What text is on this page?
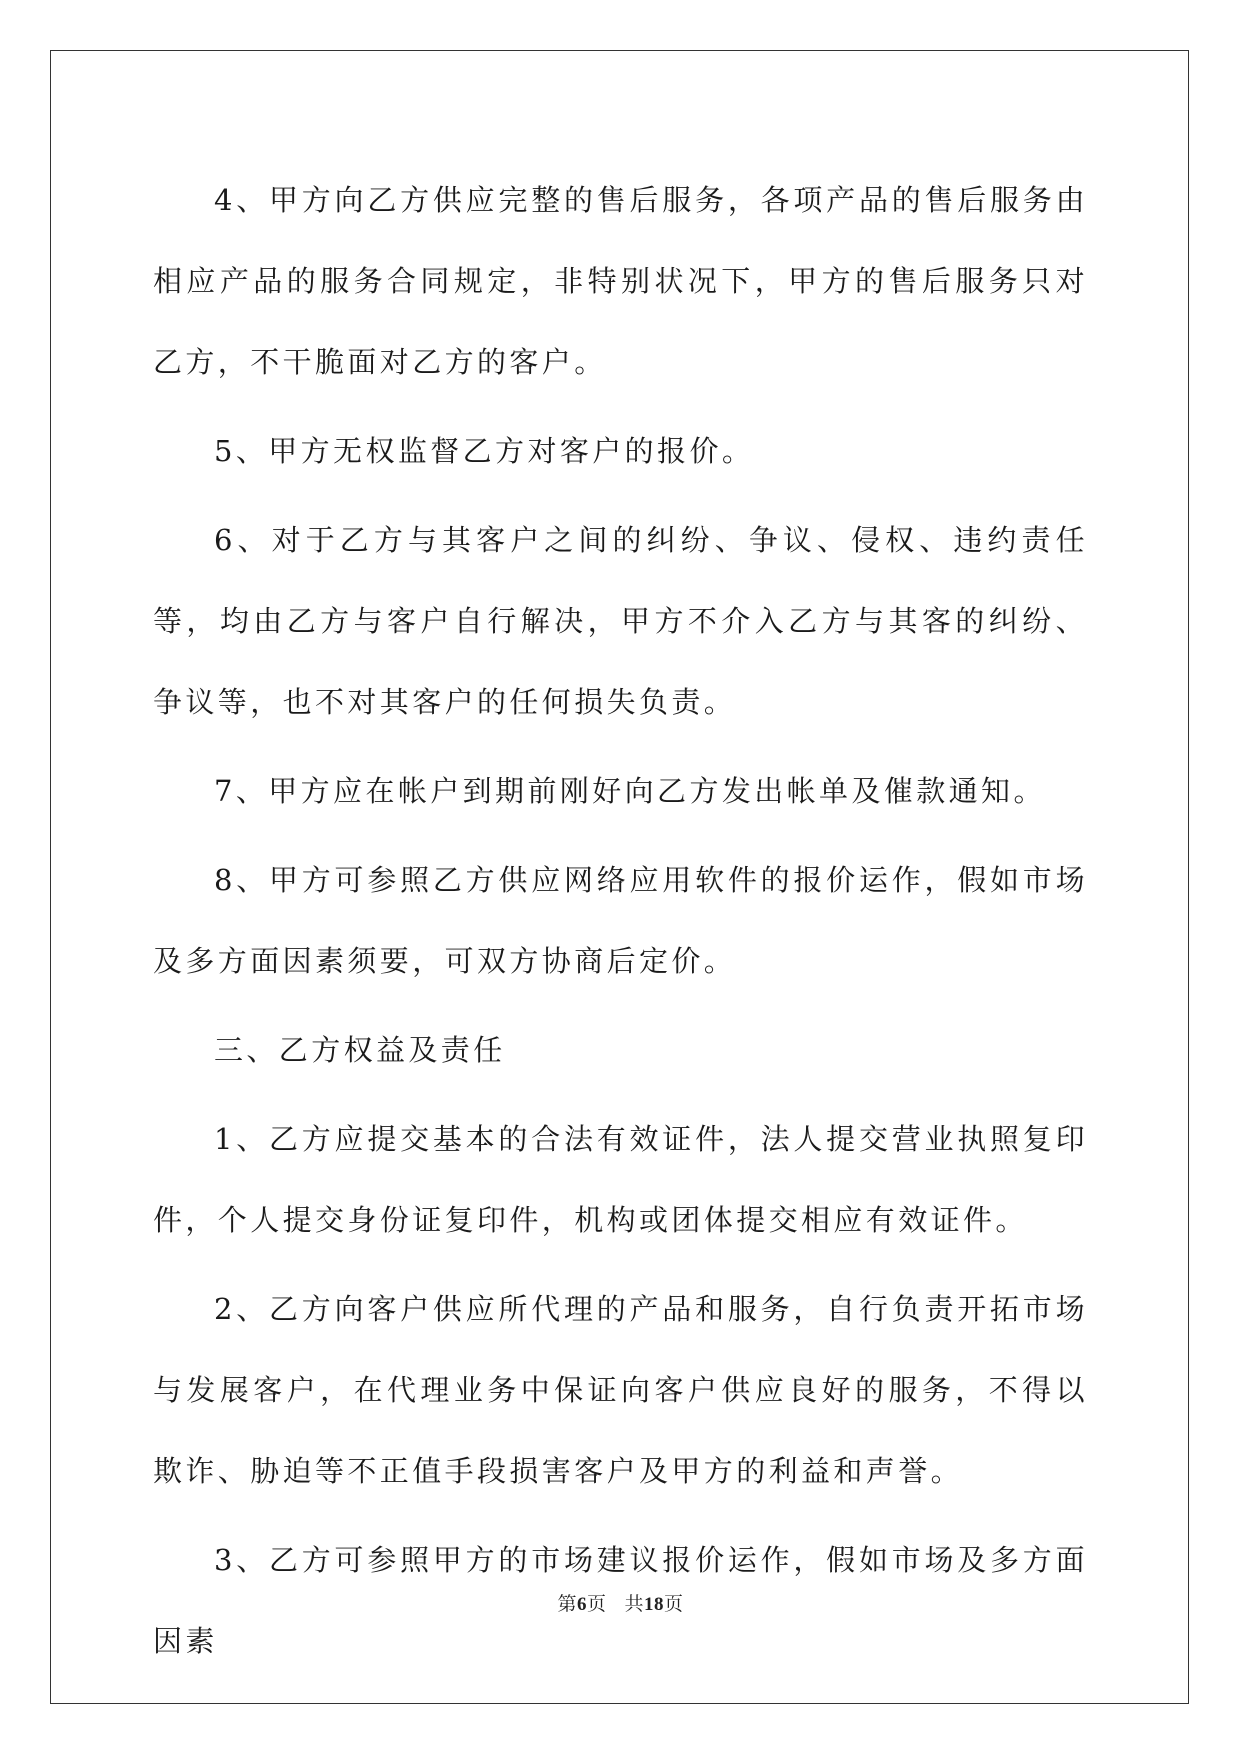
4、甲方向乙方供应完整的售后服务，各项产品的售后服务由相应产品的服务合同规定，非特别状况下，甲方的售后服务只对乙方，不干脆面对乙方的客户。

5、甲方无权监督乙方对客户的报价。

6、对于乙方与其客户之间的纠纷、争议、侵权、违约责任等，均由乙方与客户自行解决，甲方不介入乙方与其客的纠纷、争议等，也不对其客户的任何损失负责。

7、甲方应在帐户到期前刚好向乙方发出帐单及催款通知。

8、甲方可参照乙方供应网络应用软件的报价运作，假如市场及多方面因素须要，可双方协商后定价。

三、乙方权益及责任

1、乙方应提交基本的合法有效证件，法人提交营业执照复印件，个人提交身份证复印件，机构或团体提交相应有效证件。

2、乙方向客户供应所代理的产品和服务，自行负责开拓市场与发展客户，在代理业务中保证向客户供应良好的服务，不得以欺诈、胁迫等不正值手段损害客户及甲方的利益和声誉。

3、乙方可参照甲方的市场建议报价运作，假如市场及多方面因素

第6页 共18页
